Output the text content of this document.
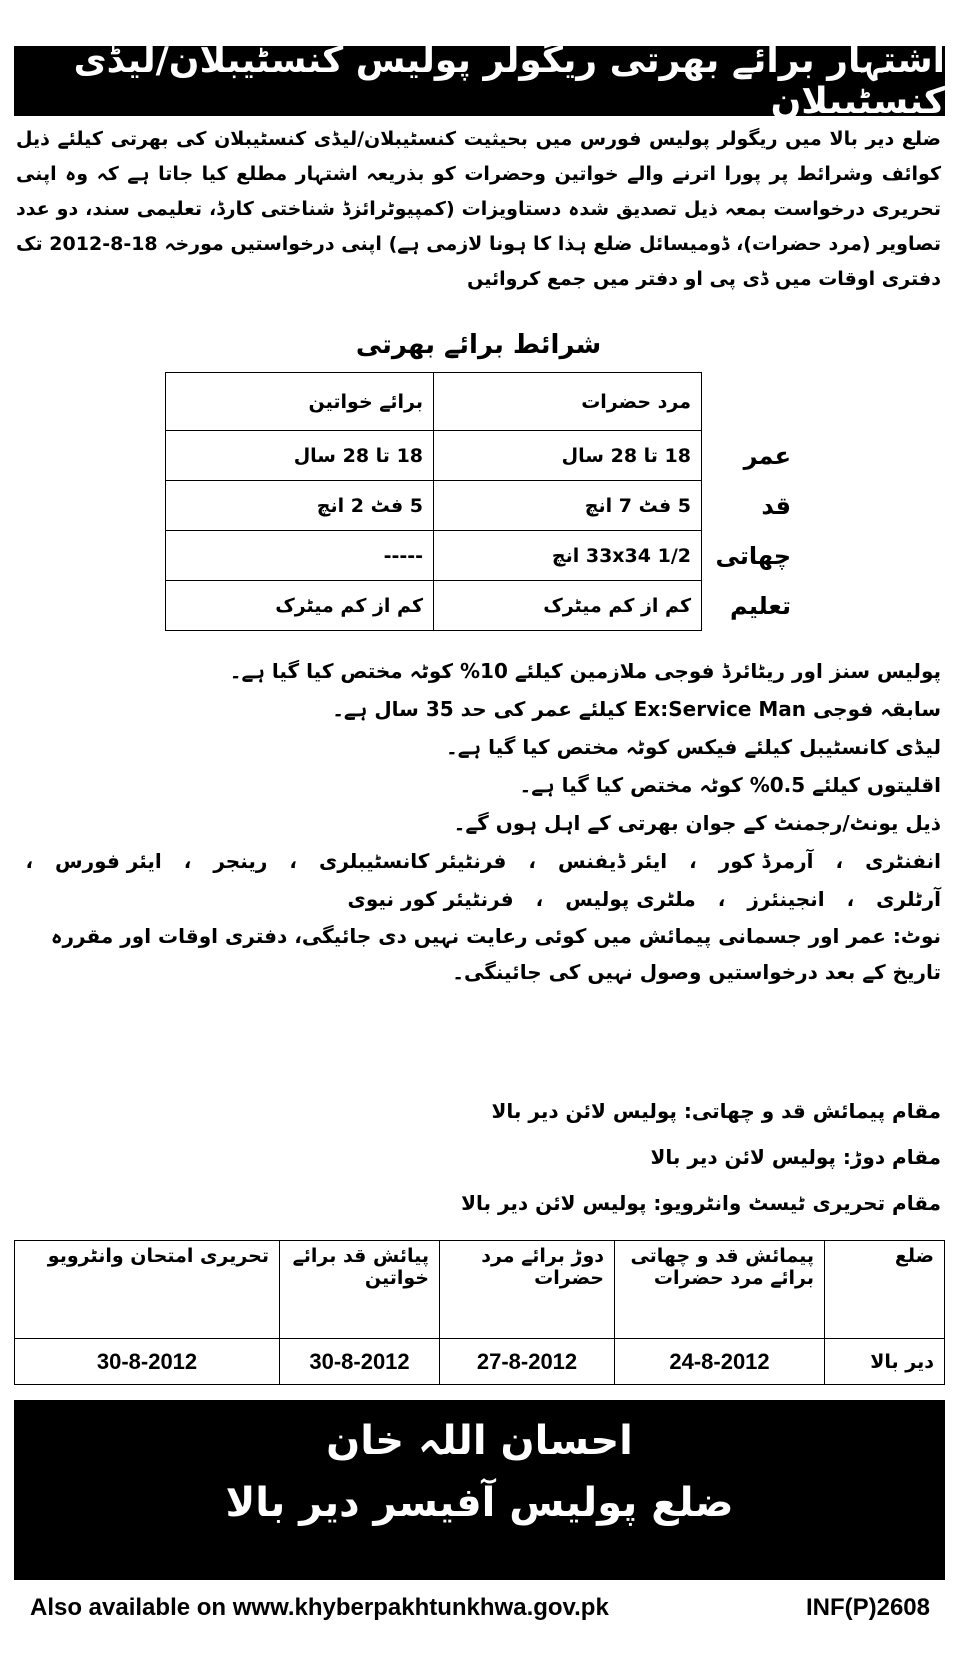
اشتہار برائے بھرتی ریگولر پولیس کنسٹیبلان/لیڈی کنسٹیبلان
ضلع دیر بالا میں ریگولر پولیس فورس میں بحیثیت کنسٹیبلان/لیڈی کنسٹیبلان کی بھرتی کیلئے ذیل کوائف وشرائط پر پورا اترنے والے خواتین وحضرات کو بذریعہ اشتہار مطلع کیا جاتا ہے کہ وہ اپنی تحریری درخواست بمعہ ذیل تصدیق شدہ دستاویزات (کمپیوٹرائزڈ شناختی کارڈ، تعلیمی سند، دو عدد تصاویر (مرد حضرات)، ڈومیسائل ضلع ہذا کا ہونا لازمی ہے) اپنی درخواستیں مورخہ 18-8-2012 تک دفتری اوقات میں ڈی پی او دفتر میں جمع کروائیں
شرائط برائے بھرتی
	مرد حضرات	برائے خواتین
عمر	18 تا 28 سال	18 تا 28 سال
قد	5 فٹ 7 انچ	5 فٹ 2 انچ
چھاتی	33x34 1/2 انچ	-----
تعلیم	کم از کم میٹرک	کم از کم میٹرک
پولیس سنز اور ریٹائرڈ فوجی ملازمین کیلئے 10% کوٹہ مختص کیا گیا ہے۔
سابقہ فوجی Ex:Service Man کیلئے عمر کی حد 35 سال ہے۔
لیڈی کانسٹیبل کیلئے فیکس کوٹہ مختص کیا گیا ہے۔
اقلیتوں کیلئے 0.5% کوٹہ مختص کیا گیا ہے۔
ذیل یونٹ/رجمنٹ کے جوان بھرتی کے اہل ہوں گے۔
انفنٹری
،
آرمرڈ کور
،
ایئر ڈیفنس
،
فرنٹیئر کانسٹیبلری
،
رینجر
،
ایئر فورس
،
آرٹلری
،
انجینئرز
،
ملٹری پولیس
،
فرنٹیئر کور نیوی
نوٹ: عمر اور جسمانی پیمائش میں کوئی رعایت نہیں دی جائیگی، دفتری اوقات اور مقررہ تاریخ کے بعد درخواستیں وصول نہیں کی جائینگی۔
مقام پیمائش قد و چھاتی: پولیس لائن دیر بالا
مقام دوڑ: پولیس لائن دیر بالا
مقام تحریری ٹیسٹ وانٹرویو: پولیس لائن دیر بالا
ضلع	پیمائش قد و چھاتی برائے مرد حضرات	دوڑ برائے مرد حضرات	پیائش قد برائے خواتین	تحریری امتحان وانٹرویو
دیر بالا	24-8-2012	27-8-2012	30-8-2012	30-8-2012
احسان اللہ خان
ضلع پولیس آفیسر دیر بالا
Also available on www.khyberpakhtunkhwa.gov.pk	INF(P)2608
